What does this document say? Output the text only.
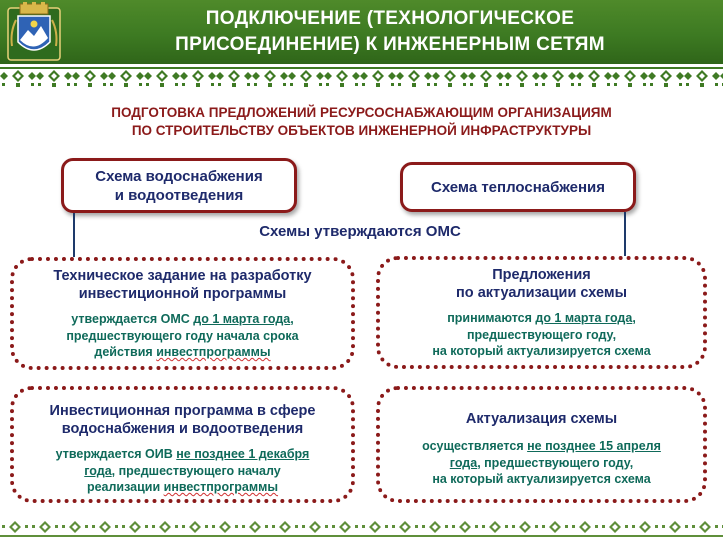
ПОДКЛЮЧЕНИЕ (ТЕХНОЛОГИЧЕСКОЕ
ПРИСОЕДИНЕНИЕ) К ИНЖЕНЕРНЫМ СЕТЯМ
ПОДГОТОВКА ПРЕДЛОЖЕНИЙ РЕСУРСОСНАБЖАЮЩИМ ОРГАНИЗАЦИЯМ
ПО СТРОИТЕЛЬСТВУ ОБЪЕКТОВ ИНЖЕНЕРНОЙ ИНФРАСТРУКТУРЫ
Схема водоснабжения
и водоотведения	Схема теплоснабжения
Схемы утверждаются ОМС
Техническое задание на разработку
инвестиционной программы
утверждается ОМС до 1 марта года,
предшествующего году начала срока
действия инвестпрограммы
Предложения
по актуализации схемы
принимаются до 1 марта года,
предшествующего году,
на который актуализируется схема
Инвестиционная программа в сфере
водоснабжения и водоотведения
утверждается ОИВ не позднее 1 декабря
года, предшествующего началу
реализации инвестпрограммы
Актуализация схемы
осуществляется не позднее 15 апреля
года, предшествующего году,
на который актуализируется схема
